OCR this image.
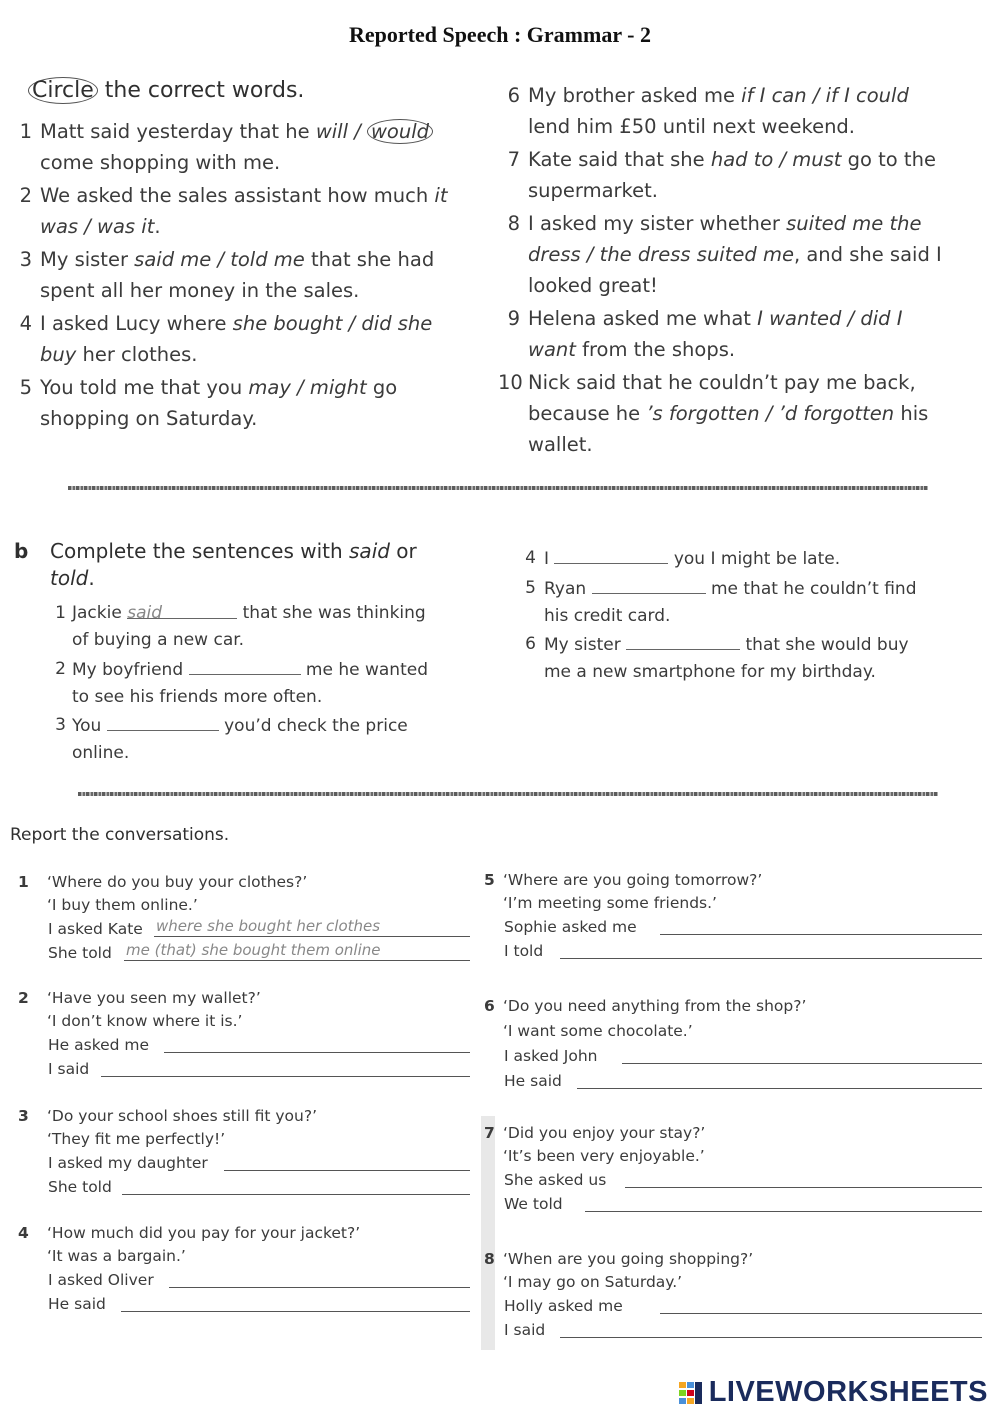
Reported Speech : Grammar - 2
Circle the correct words.
1 Matt said yesterday that he will / would
come shopping with me.
2 We asked the sales assistant how much it
was / was it.
3 My sister said me / told me that she had
spent all her money in the sales.
4 I asked Lucy where she bought / did she
buy her clothes.
5 You told me that you may / might go
shopping on Saturday.
6 My brother asked me if I can / if I could
lend him £50 until next weekend.
7 Kate said that she had to / must go to the
supermarket.
8 I asked my sister whether suited me the
dress / the dress suited me, and she said I
looked great!
9 Helena asked me what I wanted / did I
want from the shops.
10 Nick said that he couldn’t pay me back,
because he ’s forgotten / ’d forgotten his
wallet.
b Complete the sentences with said or
told.
1 Jackie said	that she was thinking
of buying a new car.
2 My boyfriend	me he wanted
to see his friends more often.
3 You	you’d check the price
online.
4 I	you I might be late.
5 Ryan	me that he couldn’t find
his credit card.
6 My sister	that she would buy
me a new smartphone for my birthday.
Report the conversations.
1 ‘Where do you buy your clothes?’
‘I buy them online.’
I asked Kate
She told
where she bought her clothes
me (that) she bought them online
2 ‘Have you seen my wallet?’
‘I don’t know where it is.’
He asked me
I said
3 ‘Do your school shoes still fit you?’
‘They fit me perfectly!’
I asked my daughter
She told
4 ‘How much did you pay for your jacket?’
‘It was a bargain.’
I asked Oliver
He said
5 ‘Where are you going tomorrow?’
‘I’m meeting some friends.’
Sophie asked me
I told
6 ‘Do you need anything from the shop?’
‘I want some chocolate.’
I asked John
He said
7 ‘Did you enjoy your stay?’
‘It’s been very enjoyable.’
She asked us
We told
8 ‘When are you going shopping?’
‘I may go on Saturday.’
Holly asked me
I said
LIVEWORKSHEETS
